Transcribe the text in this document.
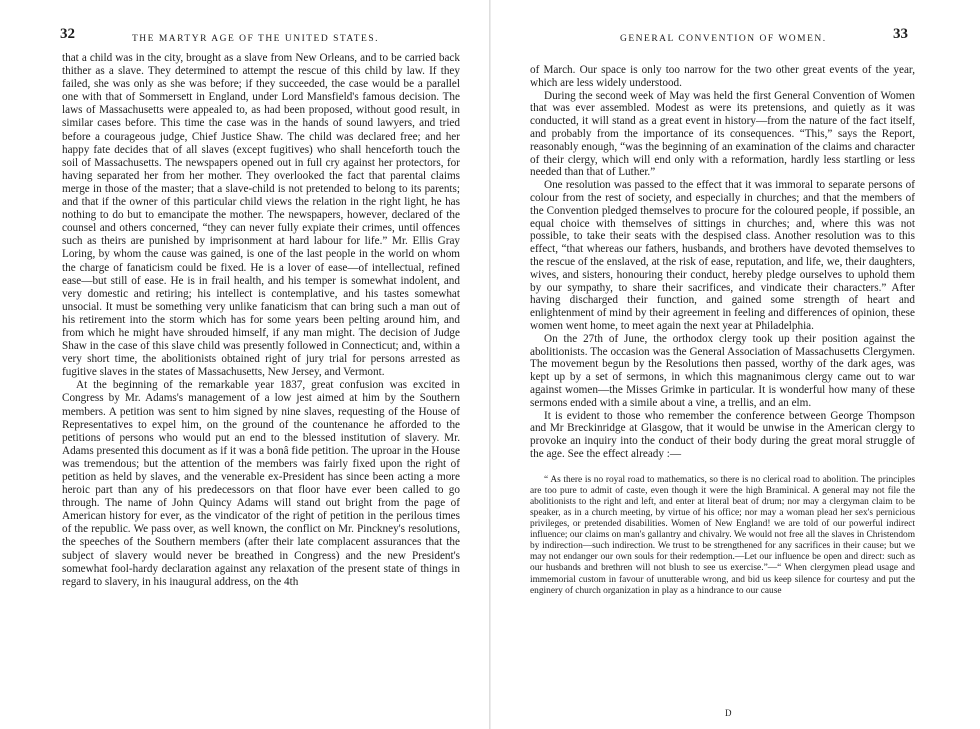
32	THE MARTYR AGE OF THE UNITED STATES.

that a child was in the city, brought as a slave from New Orleans, and to be carried back thither as a slave. They determined to attempt the rescue of this child by law. If they failed, she was only as she was before; if they succeeded, the case would be a parallel one with that of Sommersett in England, under Lord Mansfield's famous decision. The laws of Massachusetts were appealed to, as had been proposed, without good result, in similar cases before. This time the case was in the hands of sound lawyers, and tried before a courageous judge, Chief Justice Shaw. The child was declared free; and her happy fate decides that of all slaves (except fugitives) who shall henceforth touch the soil of Massachusetts. The newspapers opened out in full cry against her protectors, for having separated her from her mother. They overlooked the fact that parental claims merge in those of the master; that a slave-child is not pretended to belong to its parents; and that if the owner of this particular child views the relation in the right light, he has nothing to do but to emancipate the mother. The newspapers, however, declared of the counsel and others concerned, “they can never fully expiate their crimes, until offences such as theirs are punished by imprisonment at hard labour for life.” Mr. Ellis Gray Loring, by whom the cause was gained, is one of the last people in the world on whom the charge of fanaticism could be fixed. He is a lover of ease—of intellectual, refined ease—but still of ease. He is in frail health, and his temper is somewhat indolent, and very domestic and retiring; his intellect is contemplative, and his tastes somewhat unsocial. It must be something very unlike fanaticism that can bring such a man out of his retirement into the storm which has for some years been pelting around him, and from which he might have shrouded himself, if any man might. The decision of Judge Shaw in the case of this slave child was presently followed in Connecticut; and, within a very short time, the abolitionists obtained right of jury trial for persons arrested as fugitive slaves in the states of Massachusetts, New Jersey, and Vermont.

At the beginning of the remarkable year 1837, great confusion was excited in Congress by Mr. Adams's management of a low jest aimed at him by the Southern members. A petition was sent to him signed by nine slaves, requesting of the House of Representatives to expel him, on the ground of the countenance he afforded to the petitions of persons who would put an end to the blessed institution of slavery. Mr. Adams presented this document as if it was a bonâ fide petition. The uproar in the House was tremendous; but the attention of the members was fairly fixed upon the right of petition as held by slaves, and the venerable ex-President has since been acting a more heroic part than any of his predecessors on that floor have ever been called to go through. The name of John Quincy Adams will stand out bright from the page of American history for ever, as the vindicator of the right of petition in the perilous times of the republic. We pass over, as well known, the conflict on Mr. Pinckney's resolutions, the speeches of the Southern members (after their late complacent assurances that the subject of slavery would never be breathed in Congress) and the new President's somewhat fool-hardy declaration against any relaxation of the present state of things in regard to slavery, in his inaugural address, on the 4th

GENERAL CONVENTION OF WOMEN.	33

of March. Our space is only too narrow for the two other great events of the year, which are less widely understood.

During the second week of May was held the first General Convention of Women that was ever assembled. Modest as were its pretensions, and quietly as it was conducted, it will stand as a great event in history—from the nature of the fact itself, and probably from the importance of its consequences. “This,” says the Report, reasonably enough, “was the beginning of an examination of the claims and character of their clergy, which will end only with a reformation, hardly less startling or less needed than that of Luther.”

One resolution was passed to the effect that it was immoral to separate persons of colour from the rest of society, and especially in churches; and that the members of the Convention pledged themselves to procure for the coloured people, if possible, an equal choice with themselves of sittings in churches; and, where this was not possible, to take their seats with the despised class. Another resolution was to this effect, “that whereas our fathers, husbands, and brothers have devoted themselves to the rescue of the enslaved, at the risk of ease, reputation, and life, we, their daughters, wives, and sisters, honouring their conduct, hereby pledge ourselves to uphold them by our sympathy, to share their sacrifices, and vindicate their characters.” After having discharged their function, and gained some strength of heart and enlightenment of mind by their agreement in feeling and differences of opinion, these women went home, to meet again the next year at Philadelphia.

On the 27th of June, the orthodox clergy took up their position against the abolitionists. The occasion was the General Association of Massachusetts Clergymen. The movement begun by the Resolutions then passed, worthy of the dark ages, was kept up by a set of sermons, in which this magnanimous clergy came out to war against women—the Misses Grimke in particular. It is wonderful how many of these sermons ended with a simile about a vine, a trellis, and an elm.

It is evident to those who remember the conference between George Thompson and Mr Breckinridge at Glasgow, that it would be unwise in the American clergy to provoke an inquiry into the conduct of their body during the great moral struggle of the age. See the effect already :—

“ As there is no royal road to mathematics, so there is no clerical road to abolition. The principles are too pure to admit of caste, even though it were the high Braminical. A general may not file the abolitionists to the right and left, and enter at literal beat of drum; nor may a clergyman claim to be speaker, as in a church meeting, by virtue of his office; nor may a woman plead her sex's pernicious privileges, or pretended disabilities. Women of New England! we are told of our powerful indirect influence; our claims on man's gallantry and chivalry. We would not free all the slaves in Christendom by indirection—such indirection. We trust to be strengthened for any sacrifices in their cause; but we may not endanger our own souls for their redemption.—Let our influence be open and direct: such as our husbands and brethren will not blush to see us exercise.”—“ When clergymen plead usage and immemorial custom in favour of unutterable wrong, and bid us keep silence for courtesy and put the enginery of church organization in play as a hindrance to our cause

D
